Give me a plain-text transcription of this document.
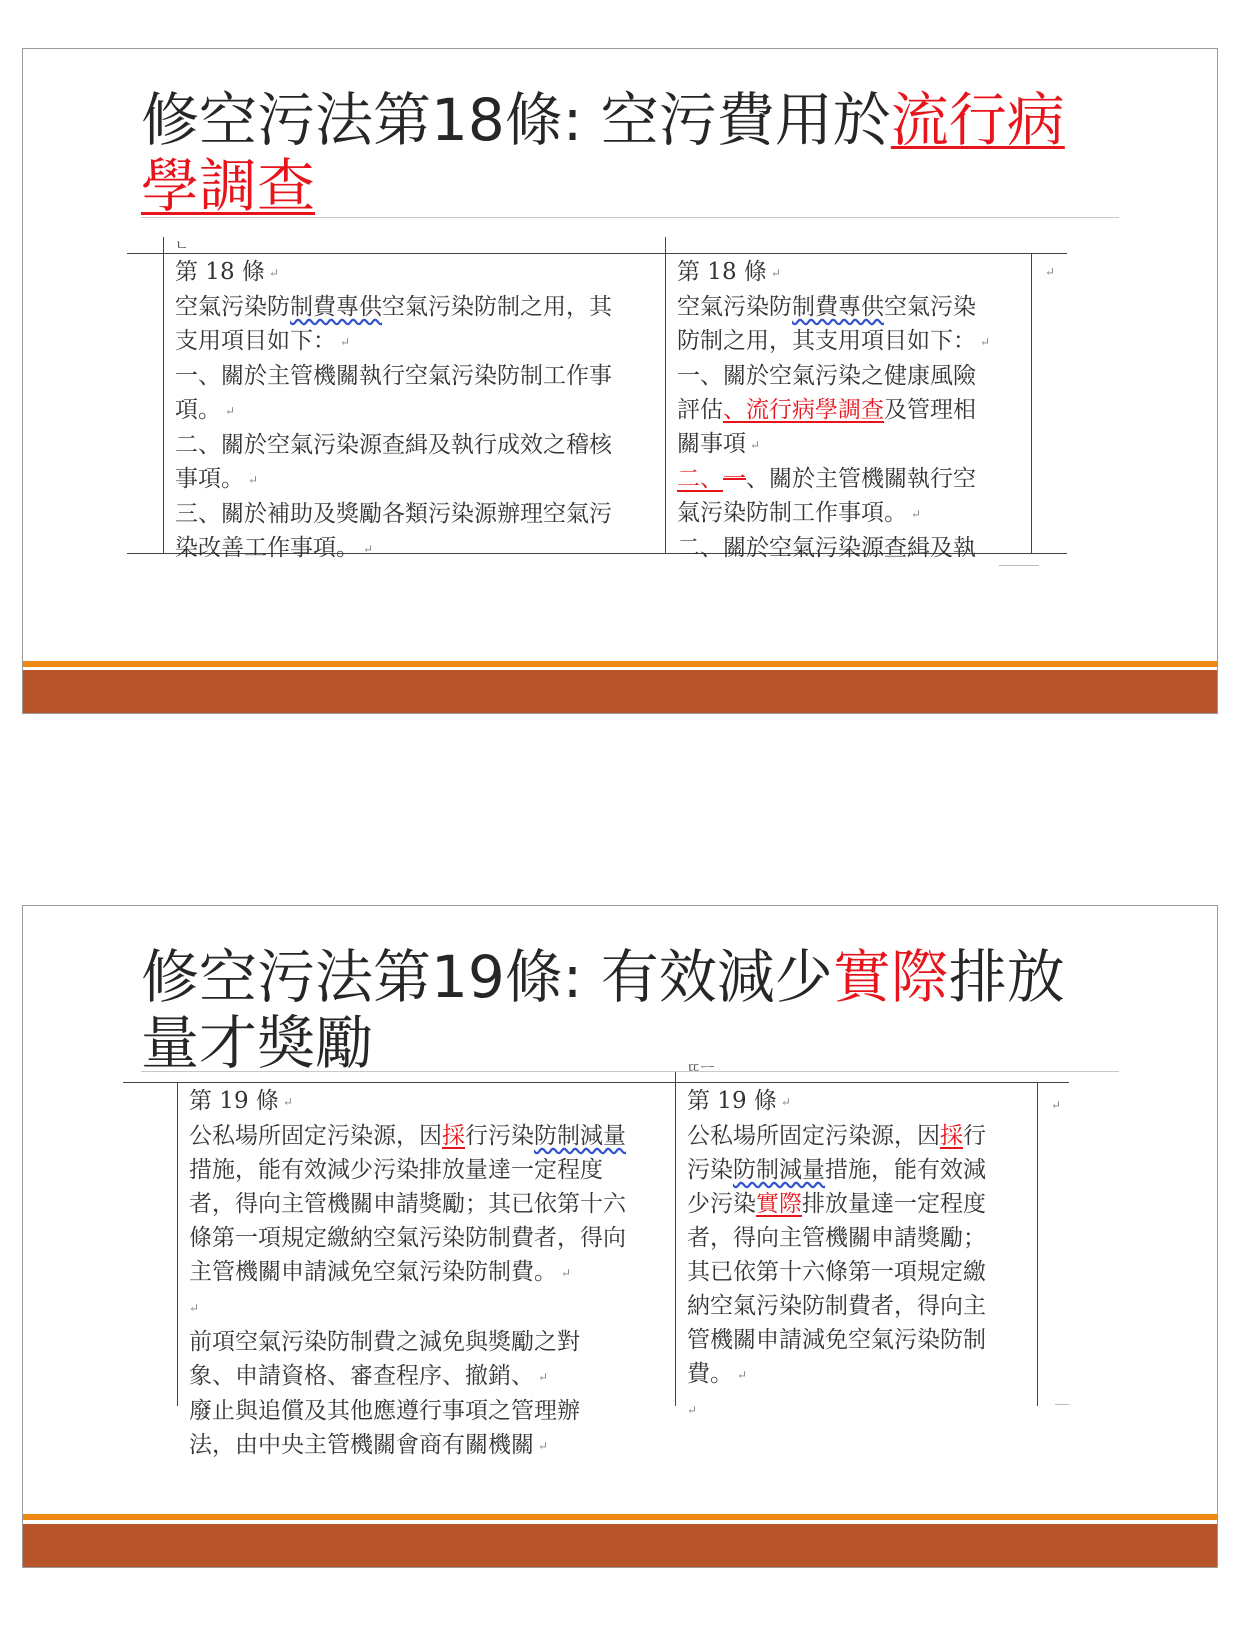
修空污法第18條: 空污費用於流行病
學調查
ㄴ
↵

第 18 條 ↵

空氣污染防制費專供空氣污染防制之用，其

支用項目如下： ↵

一、關於主管機關執行空氣污染防制工作事

項。 ↵

二、關於空氣污染源查緝及執行成效之稽核

事項。 ↵

三、關於補助及獎勵各類污染源辦理空氣污

染改善工作事項。 ↵

第 18 條 ↵

空氣污染防制費專供空氣污染

防制之用，其支用項目如下： ↵

一、關於空氣污染之健康風險

評估、流行病學調查及管理相

關事項 ↵

二、一、關於主管機關執行空

氣污染防制工作事項。 ↵

二、關於空氣污染源查緝及執

修空污法第19條: 有效減少實際排放
量才獎勵	ㄸㅡ
↵

第 19 條 ↵

公私場所固定污染源，因採行污染防制減量

措施，能有效減少污染排放量達一定程度

者，得向主管機關申請獎勵；其已依第十六

條第一項規定繳納空氣污染防制費者，得向

主管機關申請減免空氣污染防制費。 ↵

↵

前項空氣污染防制費之減免與獎勵之對

象、申請資格、審查程序、撤銷、 ↵

廢止與追償及其他應遵行事項之管理辦

法，由中央主管機關會商有關機關 ↵

第 19 條 ↵

公私場所固定污染源，因採行

污染防制減量措施，能有效減

少污染實際排放量達一定程度

者，得向主管機關申請獎勵；

其已依第十六條第一項規定繳

納空氣污染防制費者，得向主

管機關申請減免空氣污染防制

費。 ↵

↵
